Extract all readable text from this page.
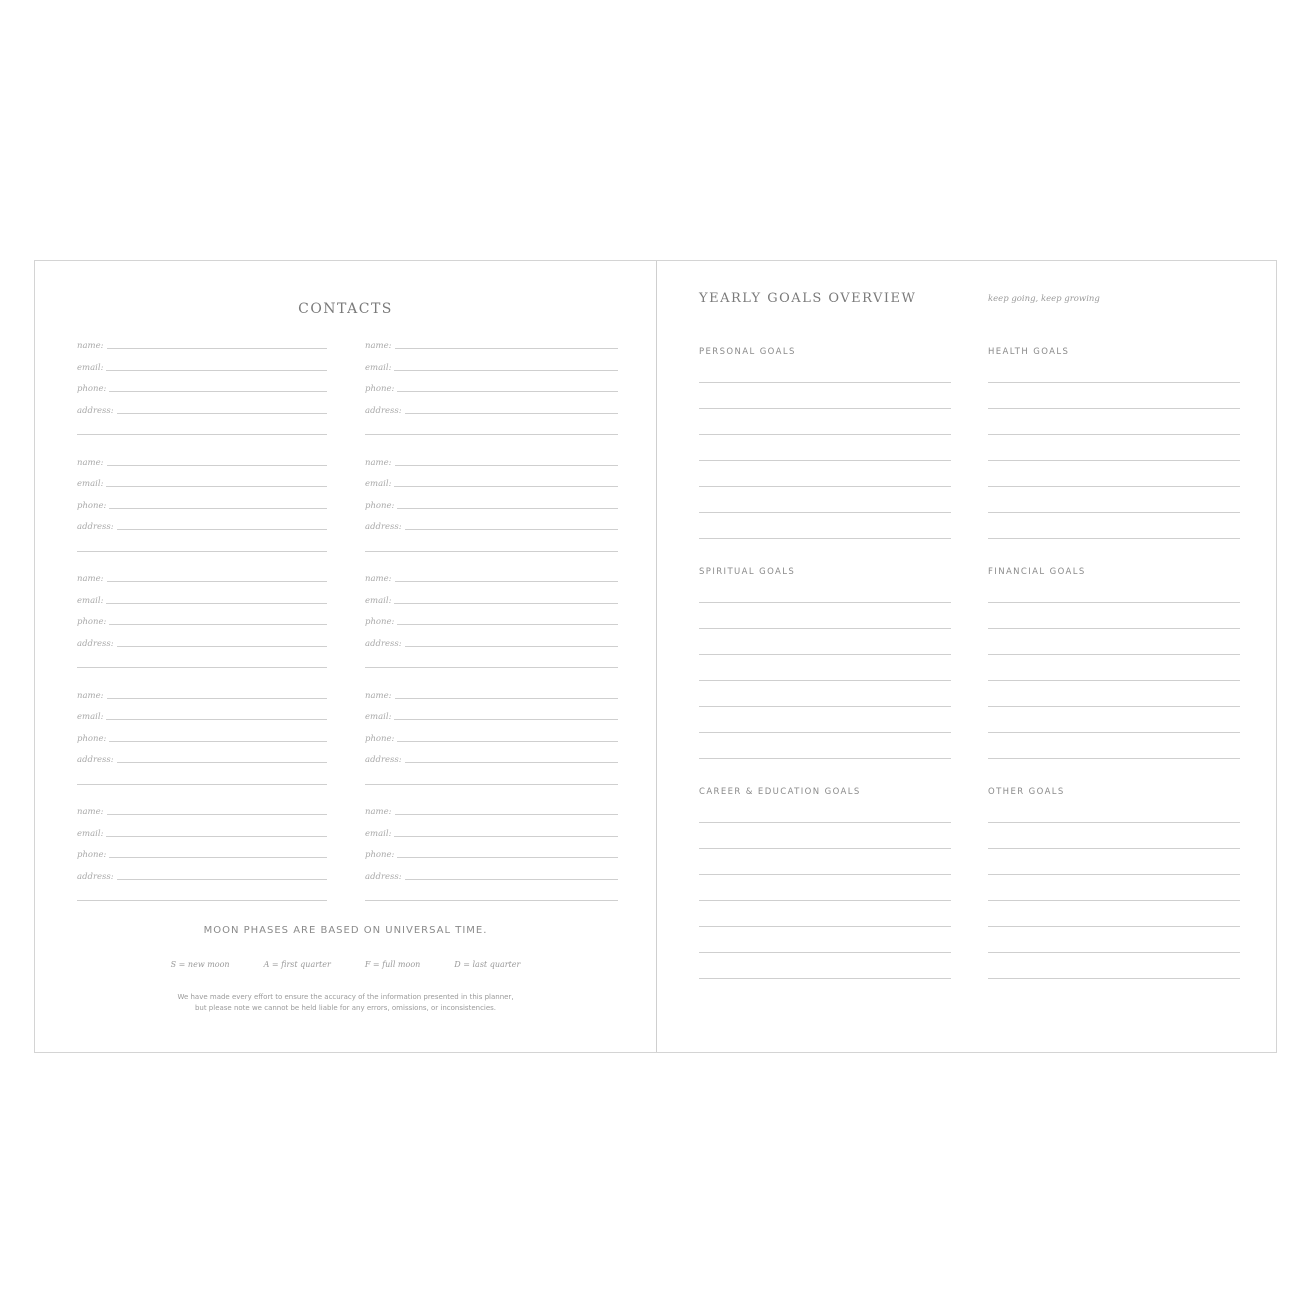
CONTACTS
name:
email:
phone:
address:
name:
email:
phone:
address:
name:
email:
phone:
address:
name:
email:
phone:
address:
name:
email:
phone:
address:
name:
email:
phone:
address:
name:
email:
phone:
address:
name:
email:
phone:
address:
name:
email:
phone:
address:
name:
email:
phone:
address:
MOON PHASES ARE BASED ON UNIVERSAL TIME.
S = new moon	A = first quarter	F = full moon	D = last quarter
We have made every effort to ensure the accuracy of the information presented in this planner,
but please note we cannot be held liable for any errors, omissions, or inconsistencies.
YEARLY GOALS OVERVIEW	keep going, keep growing
PERSONAL GOALS	HEALTH GOALS
SPIRITUAL GOALS	FINANCIAL GOALS
CAREER & EDUCATION GOALS	OTHER GOALS
